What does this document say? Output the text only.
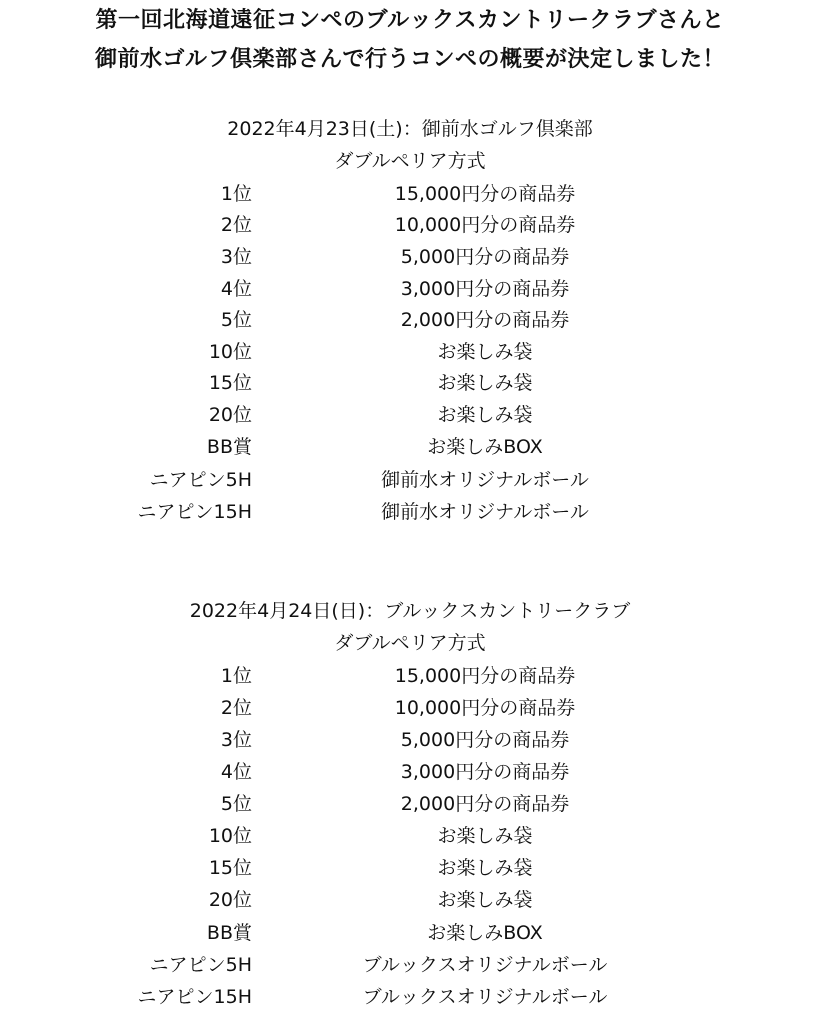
第一回北海道遠征コンペのブルックスカントリークラブさんと
御前水ゴルフ倶楽部さんで行うコンペの概要が決定しました！
2022年4月23日(土)：御前水ゴルフ倶楽部
ダブルペリア方式
1位	15,000円分の商品券
2位	10,000円分の商品券
3位	5,000円分の商品券
4位	3,000円分の商品券
5位	2,000円分の商品券
10位	お楽しみ袋
15位	お楽しみ袋
20位	お楽しみ袋
BB賞	お楽しみBOX
ニアピン5H	御前水オリジナルボール
ニアピン15H	御前水オリジナルボール
2022年4月24日(日)：ブルックスカントリークラブ
ダブルペリア方式
1位	15,000円分の商品券
2位	10,000円分の商品券
3位	5,000円分の商品券
4位	3,000円分の商品券
5位	2,000円分の商品券
10位	お楽しみ袋
15位	お楽しみ袋
20位	お楽しみ袋
BB賞	お楽しみBOX
ニアピン5H	ブルックスオリジナルボール
ニアピン15H	ブルックスオリジナルボール
